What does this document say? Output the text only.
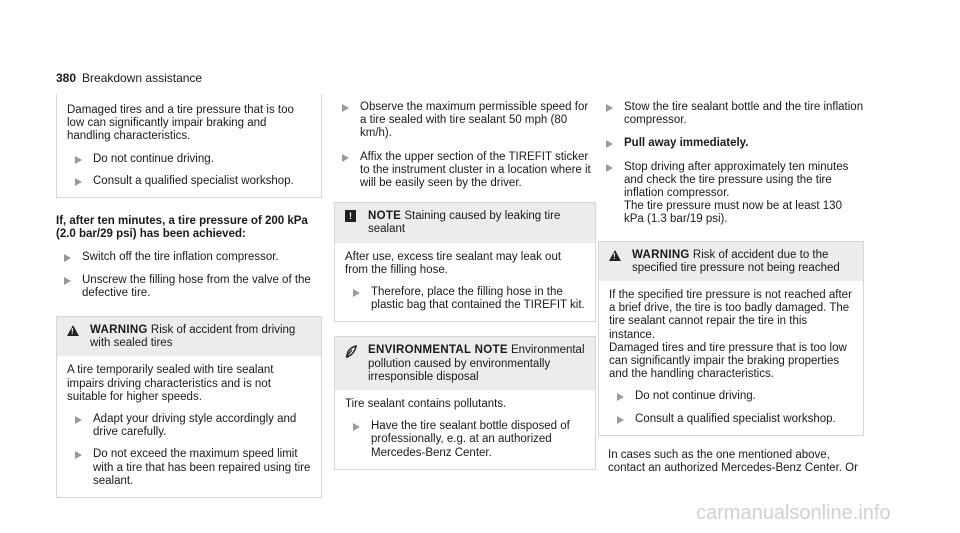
380 Breakdown assistance
Damaged tires and a tire pressure that is too low can significantly impair braking and handling characteristics.
Do not continue driving.
Consult a qualified specialist workshop.
If, after ten minutes, a tire pressure of 200 kPa (2.0 bar/29 psi) has been achieved:
Switch off the tire inflation compressor.
Unscrew the filling hose from the valve of the defective tire.
!
WARNING Risk of accident from driving with sealed tires
A tire temporarily sealed with tire sealant impairs driving characteristics and is not suitable for higher speeds.
Adapt your driving style accordingly and drive carefully.
Do not exceed the maximum speed limit with a tire that has been repaired using tire sealant.
Observe the maximum permissible speed for a tire sealed with tire sealant 50 mph (80 km/h).
Affix the upper section of the TIREFIT sticker to the instrument cluster in a location where it will be easily seen by the driver.
!	NOTE Staining caused by leaking tire sealant
After use, excess tire sealant may leak out from the filling hose.
Therefore, place the filling hose in the plastic bag that contained the TIREFIT kit.
ENVIRONMENTAL NOTE Environmental pollution caused by environmentally irresponsible disposal
Tire sealant contains pollutants.
Have the tire sealant bottle disposed of professionally, e.g. at an authorized Mercedes-Benz Center.
Stow the tire sealant bottle and the tire inflation compressor.
Pull away immediately.
Stop driving after approximately ten minutes and check the tire pressure using the tire inflation compressor.
The tire pressure must now be at least 130 kPa (1.3 bar/19 psi).
!
WARNING Risk of accident due to the specified tire pressure not being reached
If the specified tire pressure is not reached after a brief drive, the tire is too badly damaged. The tire sealant cannot repair the tire in this instance.
Damaged tires and tire pressure that is too low can significantly impair the braking properties and the handling characteristics.
Do not continue driving.
Consult a qualified specialist workshop.
In cases such as the one mentioned above, contact an authorized Mercedes-Benz Center. Or
carmanualsonline.info
